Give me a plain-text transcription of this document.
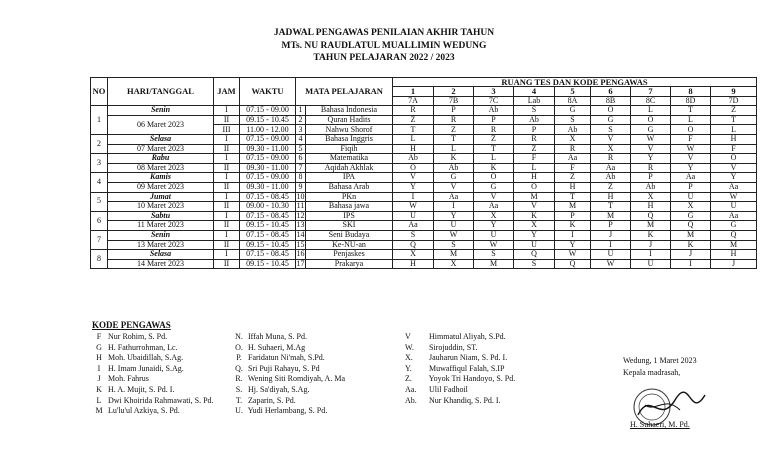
JADWAL PENGAWAS PENILAIAN AKHIR TAHUN
MTs. NU RAUDLATUL MUALLIMIN WEDUNG
TAHUN PELAJARAN 2022 / 2023
NO	HARI/TANGGAL	JAM	WAKTU	MATA PELAJARAN		RUANG TES DAN KODE PENGAWAS								
						1	2	3	4	5	6	7	8	9
						7A	7B	7C	Lab	8A	8B	8C	8D	7D
1	Senin	I	07.15 - 09.00	1	Bahasa Indonesia	R	P	Ab	S	G	O	L	T	Z
	06 Maret 2023	II	09.15 - 10.45	2	Quran Hadits	Z	R	P	Ab	S	G	O	L	T
		III	11.00 - 12.00	3	Nahwu Shorof	T	Z	R	P	Ab	S	G	O	L
2	Selasa	I	07.15 - 09.00	4	Bahasa Inggris	L	T	Z	R	X	V	W	F	H
	07 Maret 2023	II	09.30 - 11.00	5	Fiqih	H	L	T	Z	R	X	V	W	F
3	Rabu	I	07.15 - 09.00	6	Matematika	Ab	K	L	F	Aa	R	Y	V	O
	08 Maret 2023	II	09.30 - 11.00	7	Aqidah Akhlak	O	Ab	K	L	F	Aa	R	Y	V
4	Kamis	I	07.15 - 09.00	8	IPA	V	G	O	H	Z	Ab	P	Aa	Y
	09 Maret 2023	II	09.30 - 11.00	9	Bahasa Arab	Y	V	G	O	H	Z	Ab	P	Aa
5	Jumat	I	07.15 - 08.45	10	PKn	I	Aa	V	M	T	H	X	U	W
	10 Maret 2023	II	09.00 - 10.30	11	Bahasa jawa	W	I	Aa	V	M	T	H	X	U
6	Sabtu	I	07.15 - 08.45	12	IPS	U	Y	X	K	P	M	Q	G	Aa
	11 Maret 2023	II	09.15 - 10.45	13	SKI	Aa	U	Y	X	K	P	M	Q	G
7	Senin	I	07.15 - 08.45	14	Seni Budaya	S	W	U	Y	I	J	K	M	Q
	13 Maret 2023	II	09.15 - 10.45	15	Ke-NU-an	Q	S	W	U	Y	I	J	K	M
8	Selasa	I	07.15 - 08.45	16	Penjaskes	X	M	S	Q	W	U	I	J	H
	14 Maret 2023	II	09.15 - 10.45	17	Prakarya	H	X	M	S	Q	W	U	I	J
KODE PENGAWAS
F Nur Rohim, S. Pd.
G H. Fathurrohman, Lc.
H Moh. Ubaidillah, S.Ag.
I H. Imam Junaidi, S.Ag.
J Moh. Fahrus
K H. A. Mujit, S. Pd. I.
L Dwi Khoirida Rahmawati, S. Pd.
M Lu'lu'ul Azkiya, S. Pd.
N. Iffah Muna, S. Pd.
O. H. Suhaeri, M.Ag
P. Faridatun Ni'mah, S.Pd.
Q. Sri Puji Rahayu, S. Pd
R. Wening Siti Romdiyah, A. Ma
S. Hj. Sa'diyah, S.Ag.
T. Zaparin, S. Pd.
U. Yudi Herlambang, S. Pd.
V Himmatul Aliyah, S.Pd.
W. Sirojuddin, ST.
X. Jauharun Niam, S. Pd. I.
Y. Muwaffiqul Falah, S.IP
Z. Yoyok Tri Handoyo, S. Pd.
Aa. Ulil Fadhoil
Ab. Nur Khandiq, S. Pd. I.
Wedung, 1 Maret 2023
Kepala madrasah,
H. Suhaeri, M. Pd.
